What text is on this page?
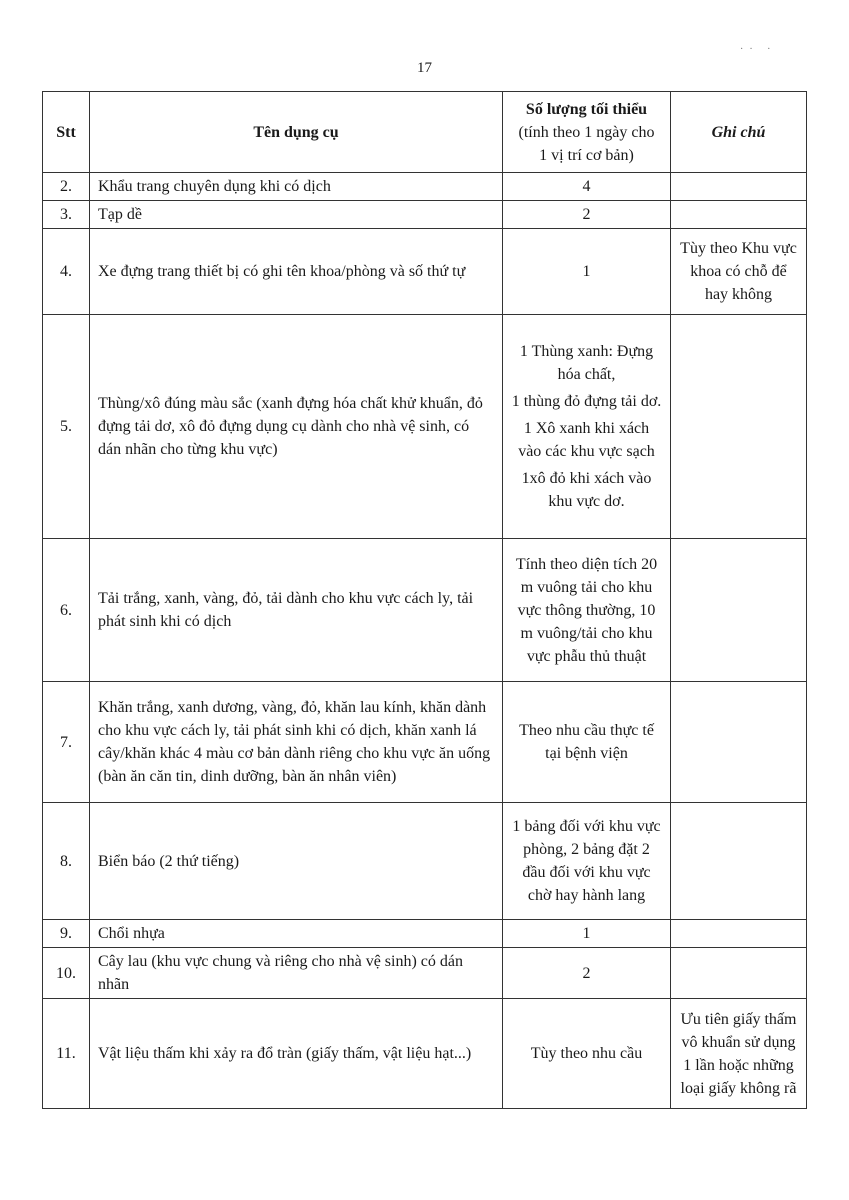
17
·· ·
Stt	Tên dụng cụ	Số lượng tối thiểu
(tính theo 1 ngày cho 1 vị trí cơ bản)	Ghi chú
2.	Khẩu trang chuyên dụng khi có dịch	4	

3.	Tạp dề	2	

4.	Xe đựng trang thiết bị có ghi tên khoa/phòng và số thứ tự	1	Tùy theo Khu vực khoa có chỗ để hay không
5.	Thùng/xô đúng màu sắc (xanh đựng hóa chất khử khuẩn, đỏ đựng tải dơ, xô đỏ đựng dụng cụ dành cho nhà vệ sinh, có dán nhãn cho từng khu vực)	1 Thùng xanh: Đựng hóa chất,
1 thùng đỏ đựng tải dơ.
1 Xô xanh khi xách vào các khu vực sạch
1xô đỏ khi xách vào khu vực dơ.	

6.	Tải trắng, xanh, vàng, đỏ, tải dành cho khu vực cách ly, tải phát sinh khi có dịch	Tính theo diện tích 20 m vuông tải cho khu vực thông thường, 10 m vuông/tải cho khu vực phẫu thủ thuật	

7.	Khăn trắng, xanh dương, vàng, đỏ, khăn lau kính, khăn dành cho khu vực cách ly, tải phát sinh khi có dịch, khăn xanh lá cây/khăn khác 4 màu cơ bản dành riêng cho khu vực ăn uống (bàn ăn căn tin, dinh dưỡng, bàn ăn nhân viên)	Theo nhu cầu thực tế tại bệnh viện	

8.	Biển báo (2 thứ tiếng)	1 bảng đối với khu vực phòng, 2 bảng đặt 2 đầu đối với khu vực chờ hay hành lang	

9.	Chổi nhựa	1	

10.	Cây lau (khu vực chung và riêng cho nhà vệ sinh) có dán nhãn	2	

11.	Vật liệu thấm khi xảy ra đổ tràn (giấy thấm, vật liệu hạt...)	Tùy theo nhu cầu	Ưu tiên giấy thấm vô khuẩn sử dụng 1 lần hoặc những loại giấy không rã
